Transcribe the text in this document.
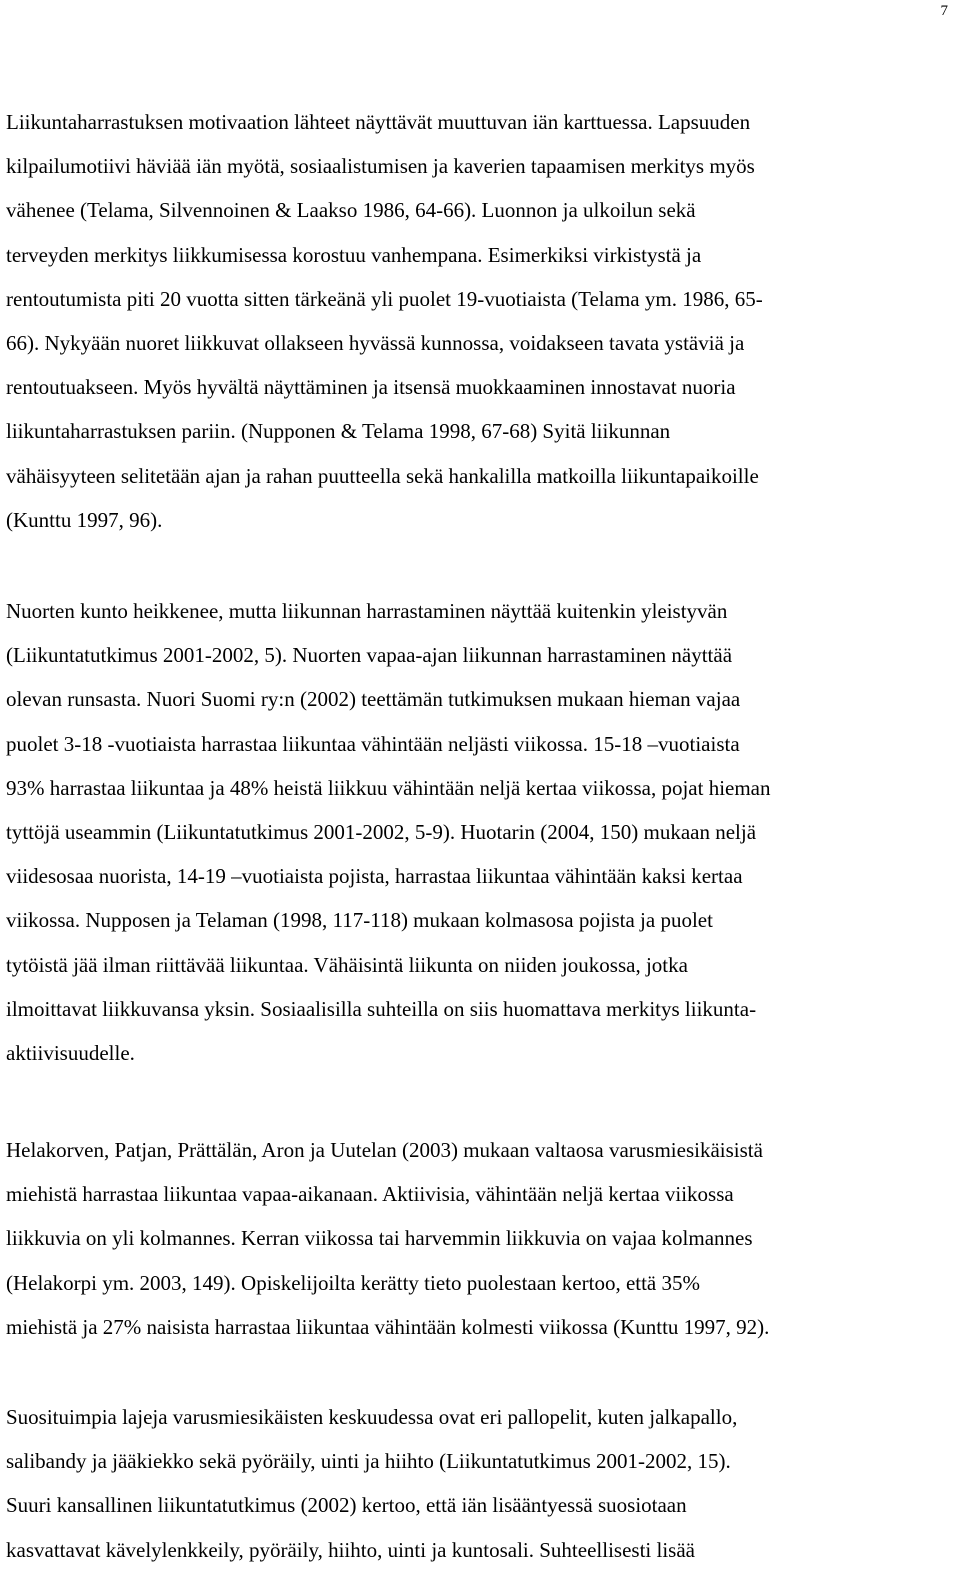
7

Liikuntaharrastuksen motivaation lähteet näyttävät muuttuvan iän karttuessa. Lapsuuden
kilpailumotiivi häviää iän myötä, sosiaalistumisen ja kaverien tapaamisen merkitys myös
vähenee (Telama, Silvennoinen & Laakso 1986, 64-66). Luonnon ja ulkoilun sekä
terveyden merkitys liikkumisessa korostuu vanhempana. Esimerkiksi virkistystä ja
rentoutumista piti 20 vuotta sitten tärkeänä yli puolet 19-vuotiaista (Telama ym. 1986, 65-
66). Nykyään nuoret liikkuvat ollakseen hyvässä kunnossa, voidakseen tavata ystäviä ja
rentoutuakseen. Myös hyvältä näyttäminen ja itsensä muokkaaminen innostavat nuoria
liikuntaharrastuksen pariin. (Nupponen & Telama 1998, 67-68) Syitä liikunnan
vähäisyyteen selitetään ajan ja rahan puutteella sekä hankalilla matkoilla liikuntapaikoille
(Kunttu 1997, 96).

Nuorten kunto heikkenee, mutta liikunnan harrastaminen näyttää kuitenkin yleistyvän
(Liikuntatutkimus 2001-2002, 5). Nuorten vapaa-ajan liikunnan harrastaminen näyttää
olevan runsasta. Nuori Suomi ry:n (2002) teettämän tutkimuksen mukaan hieman vajaa
puolet 3-18 -vuotiaista harrastaa liikuntaa vähintään neljästi viikossa. 15-18 –vuotiaista
93% harrastaa liikuntaa ja 48% heistä liikkuu vähintään neljä kertaa viikossa, pojat hieman
tyttöjä useammin (Liikuntatutkimus 2001-2002, 5-9). Huotarin (2004, 150) mukaan neljä
viidesosaa nuorista, 14-19 –vuotiaista pojista, harrastaa liikuntaa vähintään kaksi kertaa
viikossa. Nupposen ja Telaman (1998, 117-118) mukaan kolmasosa pojista ja puolet
tytöistä jää ilman riittävää liikuntaa. Vähäisintä liikunta on niiden joukossa, jotka
ilmoittavat liikkuvansa yksin. Sosiaalisilla suhteilla on siis huomattava merkitys liikunta-
aktiivisuudelle.

Helakorven, Patjan, Prättälän, Aron ja Uutelan (2003) mukaan valtaosa varusmiesikäisistä
miehistä harrastaa liikuntaa vapaa-aikanaan. Aktiivisia, vähintään neljä kertaa viikossa
liikkuvia on yli kolmannes. Kerran viikossa tai harvemmin liikkuvia on vajaa kolmannes
(Helakorpi ym. 2003, 149). Opiskelijoilta kerätty tieto puolestaan kertoo, että 35%
miehistä ja 27% naisista harrastaa liikuntaa vähintään kolmesti viikossa (Kunttu 1997, 92).

Suosituimpia lajeja varusmiesikäisten keskuudessa ovat eri pallopelit, kuten jalkapallo,
salibandy ja jääkiekko sekä pyöräily, uinti ja hiihto (Liikuntatutkimus 2001-2002, 15).
Suuri kansallinen liikuntatutkimus (2002) kertoo, että iän lisääntyessä suosiotaan
kasvattavat kävelylenkkeily, pyöräily, hiihto, uinti ja kuntosali. Suhteellisesti lisää
